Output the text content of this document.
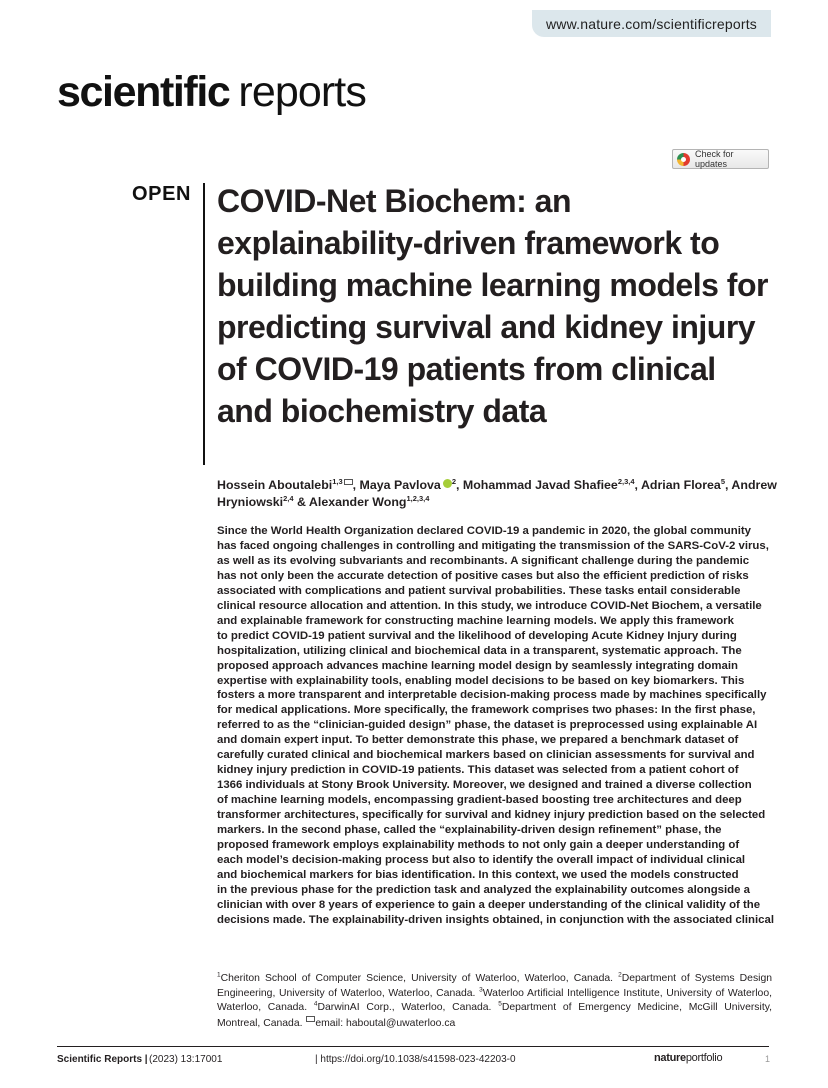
www.nature.com/scientificreports
scientific reports
Check for updates
OPEN COVID-Net Biochem: an explainability-driven framework to building machine learning models for predicting survival and kidney injury of COVID-19 patients from clinical and biochemistry data
Hossein Aboutalebi$^{1,3}$ , Maya Pavlova $^2$, Mohammad Javad Shafiee$^{2,3,4}$, Adrian Florea$^5$, Andrew Hryniowski$^{2,4}$ & Alexander Wong$^{1,2,3,4}$
Since the World Health Organization declared COVID-19 a pandemic in 2020, the global community
has faced ongoing challenges in controlling and mitigating the transmission of the SARS-CoV-2 virus,
as well as its evolving subvariants and recombinants. A significant challenge during the pandemic
has not only been the accurate detection of positive cases but also the efficient prediction of risks
associated with complications and patient survival probabilities. These tasks entail considerable
clinical resource allocation and attention. In this study, we introduce COVID-Net Biochem, a versatile
and explainable framework for constructing machine learning models. We apply this framework
to predict COVID-19 patient survival and the likelihood of developing Acute Kidney Injury during
hospitalization, utilizing clinical and biochemical data in a transparent, systematic approach. The
proposed approach advances machine learning model design by seamlessly integrating domain
expertise with explainability tools, enabling model decisions to be based on key biomarkers. This
fosters a more transparent and interpretable decision-making process made by machines specifically
for medical applications. More specifically, the framework comprises two phases: In the first phase,
referred to as the “clinician-guided design” phase, the dataset is preprocessed using explainable AI
and domain expert input. To better demonstrate this phase, we prepared a benchmark dataset of
carefully curated clinical and biochemical markers based on clinician assessments for survival and
kidney injury prediction in COVID-19 patients. This dataset was selected from a patient cohort of
1366 individuals at Stony Brook University. Moreover, we designed and trained a diverse collection
of machine learning models, encompassing gradient-based boosting tree architectures and deep
transformer architectures, specifically for survival and kidney injury prediction based on the selected
markers. In the second phase, called the “explainability-driven design refinement” phase, the
proposed framework employs explainability methods to not only gain a deeper understanding of
each model’s decision-making process but also to identify the overall impact of individual clinical
and biochemical markers for bias identification. In this context, we used the models constructed
in the previous phase for the prediction task and analyzed the explainability outcomes alongside a
clinician with over 8 years of experience to gain a deeper understanding of the clinical validity of the
decisions made. The explainability-driven insights obtained, in conjunction with the associated clinical

$^1$Cheriton School of Computer Science, University of Waterloo, Waterloo, Canada. $^2$Department of Systems Design Engineering, University of Waterloo, Waterloo, Canada. $^3$Waterloo Artificial Intelligence Institute, University of Waterloo, Waterloo, Canada. $^4$DarwinAI Corp., Waterloo, Canada. $^5$Department of Emergency Medicine, McGill University, Montreal, Canada. email: haboutal@uwaterloo.ca

Scientific Reports | (2023) 13:17001	| https://doi.org/10.1038/s41598-023-42203-0	natureportfolio	1
